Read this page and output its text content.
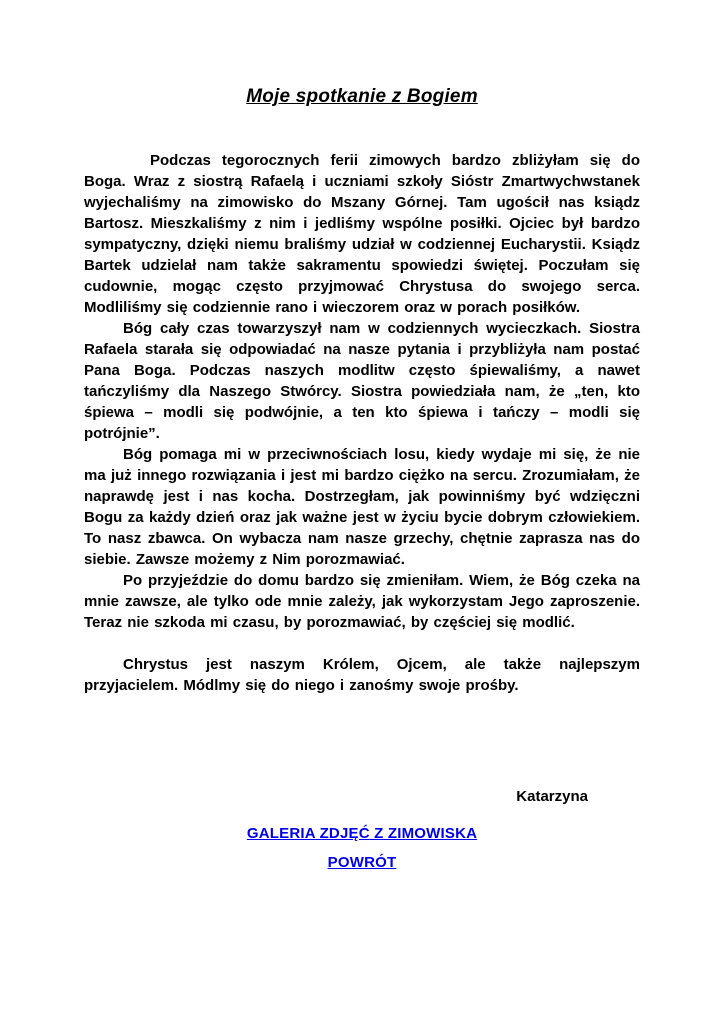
Moje spotkanie z Bogiem

Podczas tegorocznych ferii zimowych bardzo zbliżyłam się do Boga. Wraz z siostrą Rafaelą i uczniami szkoły Sióstr Zmartwychwstanek wyjechaliśmy na zimowisko do Mszany Górnej. Tam ugościł nas ksiądz Bartosz. Mieszkaliśmy z nim i jedliśmy wspólne posiłki. Ojciec był bardzo sympatyczny, dzięki niemu braliśmy udział w codziennej Eucharystii. Ksiądz Bartek udzielał nam także sakramentu spowiedzi świętej. Poczułam się cudownie, mogąc często przyjmować Chrystusa do swojego serca. Modliliśmy się codziennie rano i wieczorem oraz w porach posiłków.

Bóg cały czas towarzyszył nam w codziennych wycieczkach. Siostra Rafaela starała się odpowiadać na nasze pytania i przybliżyła nam postać Pana Boga. Podczas naszych modlitw często śpiewaliśmy, a nawet tańczyliśmy dla Naszego Stwórcy. Siostra powiedziała nam, że „ten, kto śpiewa – modli się podwójnie, a ten kto śpiewa i tańczy – modli się potrójnie”.

Bóg pomaga mi w przeciwnościach losu, kiedy wydaje mi się, że nie ma już innego rozwiązania i jest mi bardzo ciężko na sercu. Zrozumiałam, że naprawdę jest i nas kocha. Dostrzegłam, jak powinniśmy być wdzięczni Bogu za każdy dzień oraz jak ważne jest w życiu bycie dobrym człowiekiem. To nasz zbawca. On wybacza nam nasze grzechy, chętnie zaprasza nas do siebie. Zawsze możemy z Nim porozmawiać.

Po przyjeździe do domu bardzo się zmieniłam. Wiem, że Bóg czeka na mnie zawsze, ale tylko ode mnie zależy, jak wykorzystam Jego zaproszenie. Teraz nie szkoda mi czasu, by porozmawiać, by częściej się modlić.

Chrystus jest naszym Królem, Ojcem, ale także najlepszym przyjacielem. Módlmy się do niego i zanośmy swoje prośby.

Katarzyna
GALERIA ZDJĘĆ Z ZIMOWISKA
POWRÓT
